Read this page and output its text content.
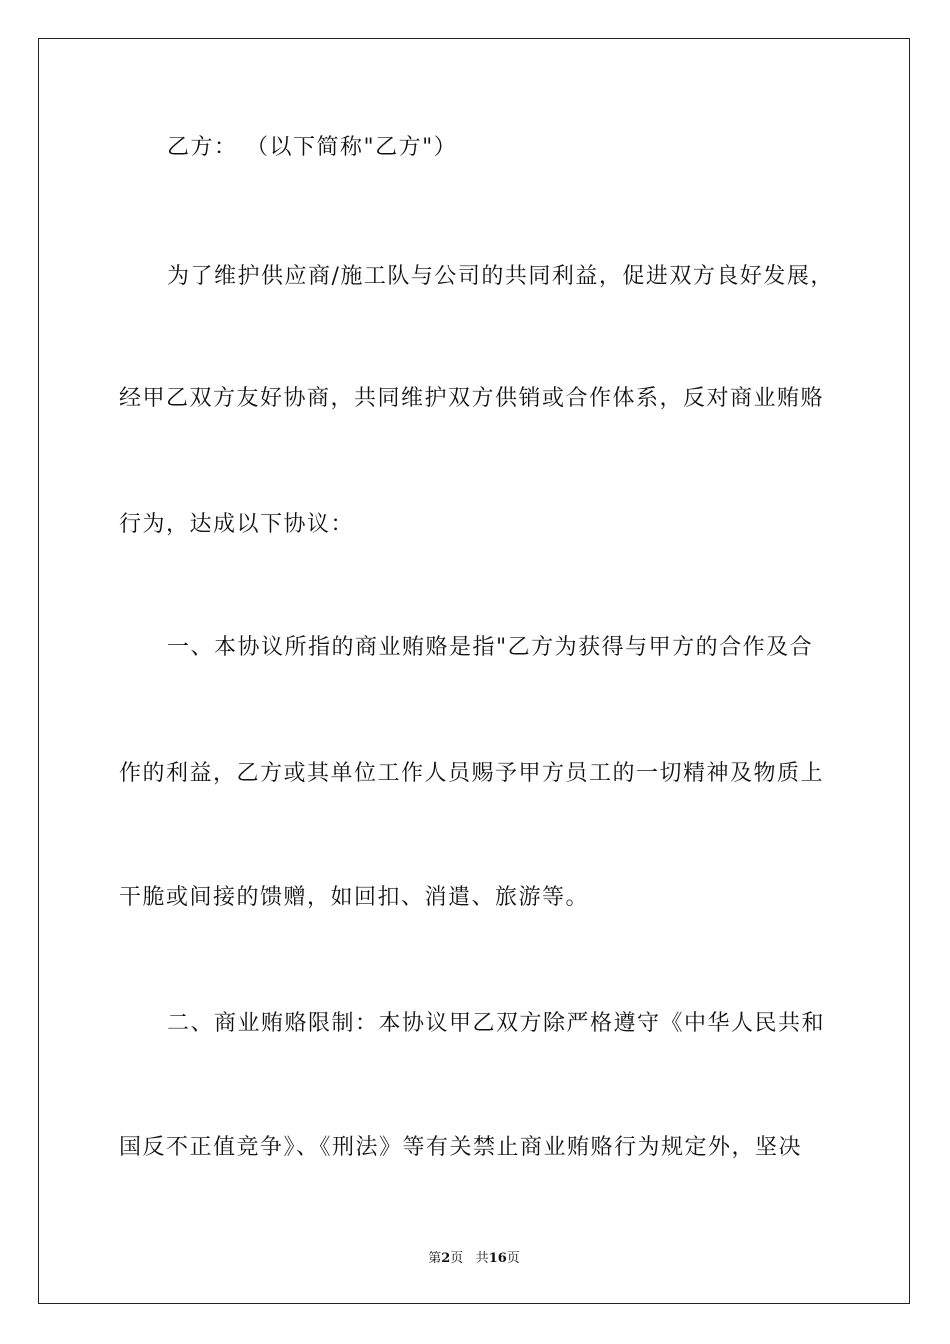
乙方： （以下简称"乙方"）
为了维护供应商/施工队与公司的共同利益，促进双方良好发展，
经甲乙双方友好协商，共同维护双方供销或合作体系，反对商业贿赂
行为，达成以下协议：
一、本协议所指的商业贿赂是指"乙方为获得与甲方的合作及合
作的利益，乙方或其单位工作人员赐予甲方员工的一切精神及物质上
干脆或间接的馈赠，如回扣、消遣、旅游等。
二、商业贿赂限制：本协议甲乙双方除严格遵守《中华人民共和
国反不正值竞争》、《刑法》等有关禁止商业贿赂行为规定外，坚决
第2页 共16页
